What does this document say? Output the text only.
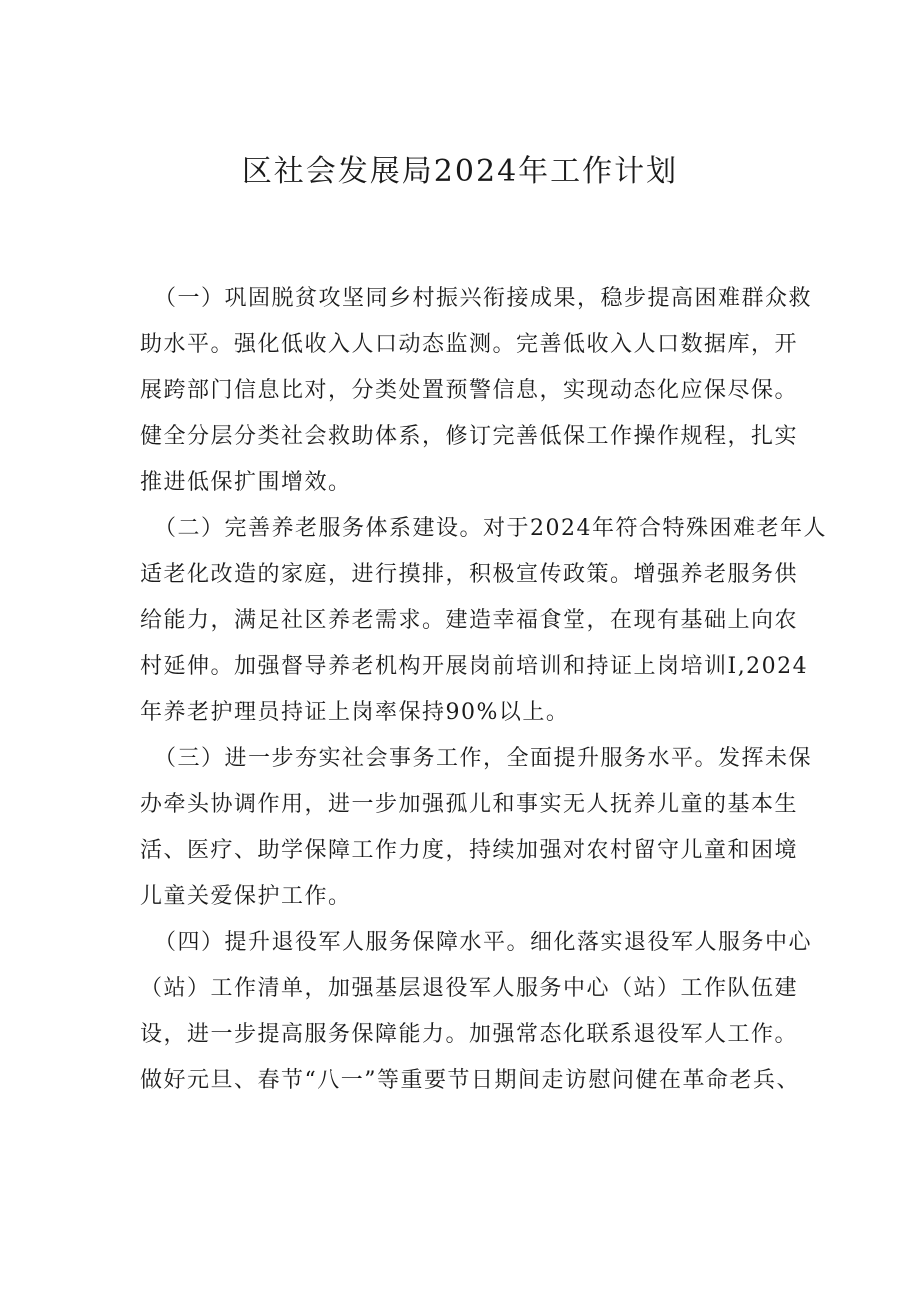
区社会发展局2024年工作计划
（一）巩固脱贫攻坚同乡村振兴衔接成果，稳步提高困难群众救
助水平。强化低收入人口动态监测。完善低收入人口数据库，开
展跨部门信息比对，分类处置预警信息，实现动态化应保尽保。
健全分层分类社会救助体系，修订完善低保工作操作规程，扎实
推进低保扩围增效。
（二）完善养老服务体系建设。对于2024年符合特殊困难老年人
适老化改造的家庭，进行摸排，积极宣传政策。增强养老服务供
给能力，满足社区养老需求。建造幸福食堂，在现有基础上向农
村延伸。加强督导养老机构开展岗前培训和持证上岗培训I,2024
年养老护理员持证上岗率保持90%以上。
（三）进一步夯实社会事务工作，全面提升服务水平。发挥未保
办牵头协调作用，进一步加强孤儿和事实无人抚养儿童的基本生
活、医疗、助学保障工作力度，持续加强对农村留守儿童和困境
儿童关爱保护工作。
（四）提升退役军人服务保障水平。细化落实退役军人服务中心
（站）工作清单，加强基层退役军人服务中心（站）工作队伍建
设，进一步提高服务保障能力。加强常态化联系退役军人工作。
做好元旦、春节“八一”等重要节日期间走访慰问健在革命老兵、
